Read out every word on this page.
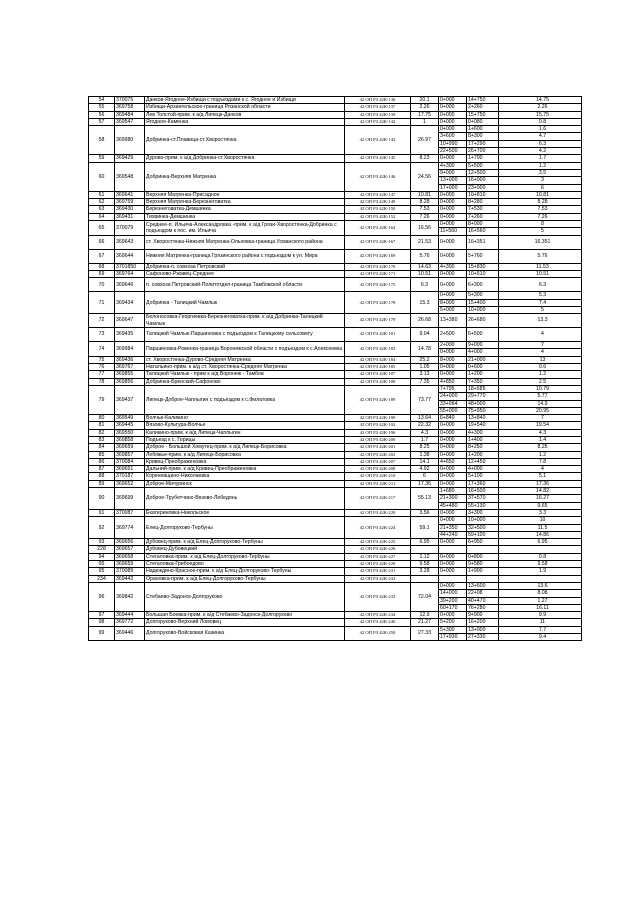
54	370075	Данков-Ягодное-Избищи с подъездами к с. Ягодное и Избищи	42 ОП РЗ 42К-136	20.1	0+000	14+750	14.75
55	369758	Избищи-Архангельское-граница Рязанской области	42 ОП РЗ 42К-137	2.26	0+000	2+260	2.26
56	369484	Лев Толстой-прим. к а/д Липецк-Данков	42 ОП РЗ 42К-139	17.75	0+000	15+750	15.75
57	369547	Ягодное-Каменка	42 ОП РЗ 42К-142	1	0+000	0+080	0.8
58	369980	Добринка-ст.Плавица-ст.Хворостянка	42 ОП РЗ 42К-143	26.97	0+000	1+600	1.6
					3+600	8+300	4.7
					10+990	17+290	6.3
					22+500	26+700	4.2
59	369429	Дурово-прим. к а/д Добринка-ст.Хворостянка	42 ОП РЗ 42К-145	8.23	0+000	1+700	1.7
60	369548	Добринка-Верхняя Матренка	42 ОП РЗ 42К-146	24.56	4+300	5+500	1.2
					9+000	12+500	3.5
					13+000	16+000	3
					17+000	23+000	6
61	369641	Верхняя Матренка-Присадное	42 ОП РЗ 42К-147	10.81	0+000	10+810	10.81
62	369759	Верхняя Матренка-Березнеговатка	42 ОП РЗ 42К-149	8.28	0+000	8+280	8.28
63	369430	Березнеговатка-Демшинка	42 ОП РЗ 42К-150	7.53	0+000	7+530	7.53
64	369431	Тихвинка-Демшинка	42 ОП РЗ 42К-152	7.26	0+000	7+260	7.26
65	370079	Среднее-п. Ильича-Александровка -прим. к а/д Грязи-Хворостянка-Добринка с подъездом к пос. им. Ильича	42 ОП РЗ 42К-164	16.56	0+000	8+000	8
					11+560	16+560	5
66	369643	ст. Хворостянка-Нижняя Матренка-Ольховка-граница Усманского района	42 ОП РЗ 42К-167	21.53	0+000	16+351	16.351
67	369644	Нижняя Матренка-граница Грязинского района с подъездом к ул. Мира	42 ОП РЗ 42К-169	5.76	0+000	5+760	5.76
68	3701850	Добринка-п. совхоза Петровский	42 ОП РЗ 42К-170	14.63	4+300	15+830	11.53
69	369764	Сафоново-Ржавец-Среднее	42 ОП РЗ 42К-171	10.51	0+000	10+510	10.51
70	369646	п. совхоза Петровский-Политотдел-граница Тамбовской области	42 ОП РЗ 42К-175	6.3	0+000	6+300	6.3
71	369434	Добринка - Талицкий Чамлык	42 ОП РЗ 42К-178	15.3	0+000	5+300	5.3
					8+000	15+400	7.4
					5+000	10+000	5
72	369647	Белоносовка-Георгиевка-Березнеговатка-прим. к а/д Добринка-Талицкий Чамлык	42 ОП РЗ 42К-179	26.68	13+380	26+680	13.3
73	369435	Талицкий Чамлык-Паршиновка с подъездом к Талицкому сельсовету	42 ОП РЗ 42К-181	9.04	2+500	6+500	4
74	369984	Паршиновка-Ровенка-граница Воронежской области с подъездом к с.Алексеевка	42 ОП РЗ 42К-183	14.78	2+000	9+000	7
					0+000	4+000	4
75	369436	ст. Хворостянка-Дурово-Средняя Матренка	42 ОП РЗ 42К-184	25.2	8+000	21+000	13
76	369767	Натальино-прим. к а/д ст. Хворостянка-Средняя Матренка	42 ОП РЗ 42К-185	1.05	0+000	0+600	0.6
77	369855	Талицкий Чамлык - прим к а/д Воронеж - Тамбов	42 ОП РЗ 42К-187	3.13	0+000	1+200	1.2
78	369856	Добринка-Бренский-Сафоново	42 ОП РЗ 42К-188	7.35	4+850	7+350	2.5
79	369437	Липецк-Доброе-Чаплыгин с подъездом к с.Филатовка	42 ОП РЗ 42К-189	73.77	7+795	18+585	10.79
					24+000	29+770	5.77
					33+064	48+000	14.9
					55+000	75+950	20.95
80	369549	Волчье-Каликино	42 ОП РЗ 42К-190	13.64	6+840	13+840	7
81	369445	Вязово-Культура-Волчье	42 ОП РЗ 42К-192	22.32	0+000	19+540	19.54
82	369550	Каликино-прим. к а/д Липецк-Чаплыгин	42 ОП РЗ 42К-196	4.3	0+000	4+300	4.3
83	369858	Подъезд к с. Горицы	42 ОП РЗ 42К-200	1.7	0+000	1+400	1.4
84	369659	Доброе - Большой Хомутец-прим. к а/д Липецк-Борисовка	42 ОП РЗ 42К-201	8.25	0+000	8+250	8.25
85	369857	Лебяжье-прим. к а/д Липецк-Борисовка	42 ОП РЗ 42К-202	1.38	0+000	1+200	1.2
86	370084	Кривец-Преображеновка	42 ОП РЗ 42К-207	14.1	4+650	12+450	7.8
87	369651	Дальний-прим. к а/д Кривец-Преображеновка	42 ОП РЗ 42К-208	4.92	0+000	4+000	4
88	370187	Кореневщино-Николаевка	42 ОП РЗ 42К-210	6	0+000	5+100	5.1
89	369652	Доброе-Мичуринск	42 ОП РЗ 42К-211	17.36	0+000	17+360	17.36
90	369699	Доброе-Трубетчино-Вязово-Лебедянь	42 ОП РЗ 42К-217	55.13	1+680	16+500	14.82
					21+300	37+570	16.27
					45+480	55+130	9.65
91	370087	Екатериновка-Никольское	42 ОП РЗ 42К-220	3.56	0+000	3+300	3.3
92	369774	Елец-Долгоруково-Тербуны	42 ОП РЗ 42К-224	59.1	0+000	10+000	10
					21+350	32+500	11.5
					44+240	59+100	14.86
93	369656	Дубовец-прим. к а/д Елец-Долгоруково-Тербуны	42 ОП РЗ 42К-225	6.95	0+000	6+950	6.95
228	369657	Дубовец-Дубовецкий	42 ОП РЗ 42К-226				
94	369658	Стегаловка-прим. к а/д Елец-Долгоруково-Тербуны	42 ОП РЗ 42К-227	1.12	0+000	0+800	0.8
95	369659	Стегаловка-Грибоедово	42 ОП РЗ 42К-228	9.58	0+000	9+580	9.58
95	370089	Надеждино-Красное-прим. к а/д Елец-Долгоруково-Тербуны	42 ОП РЗ 42К-231	3.28	0+000	1+900	1.9
234	369443	Орановка-прим. к а/д Елец-Долгоруково-Тербуны	42 ОП РЗ 42К-232				
96	369842	Стебаево-Задонск-Долгоруково	42 ОП РЗ 42К-233	72.04	0+000	13+600	13.6
					14+000	22+08	8.08
					39+200	40+470	1.27
					60+170	76+280	16.11
97	369444	Большая Боевка-прим. к а/д Стебаево-Задонск-Долгоруково	42 ОП РЗ 42К-234	12.9	0+000	9+900	9.9
98	369772	Долгоруково-Верхний Ломовец	42 ОП РЗ 42К-246	21.27	5+200	16+200	11
99	369446	Долгоруково-Войсковая Казинка	42 ОП РЗ 42К-250	27.33	5+300	13+000	7.7
					17+930	27+330	9.4
